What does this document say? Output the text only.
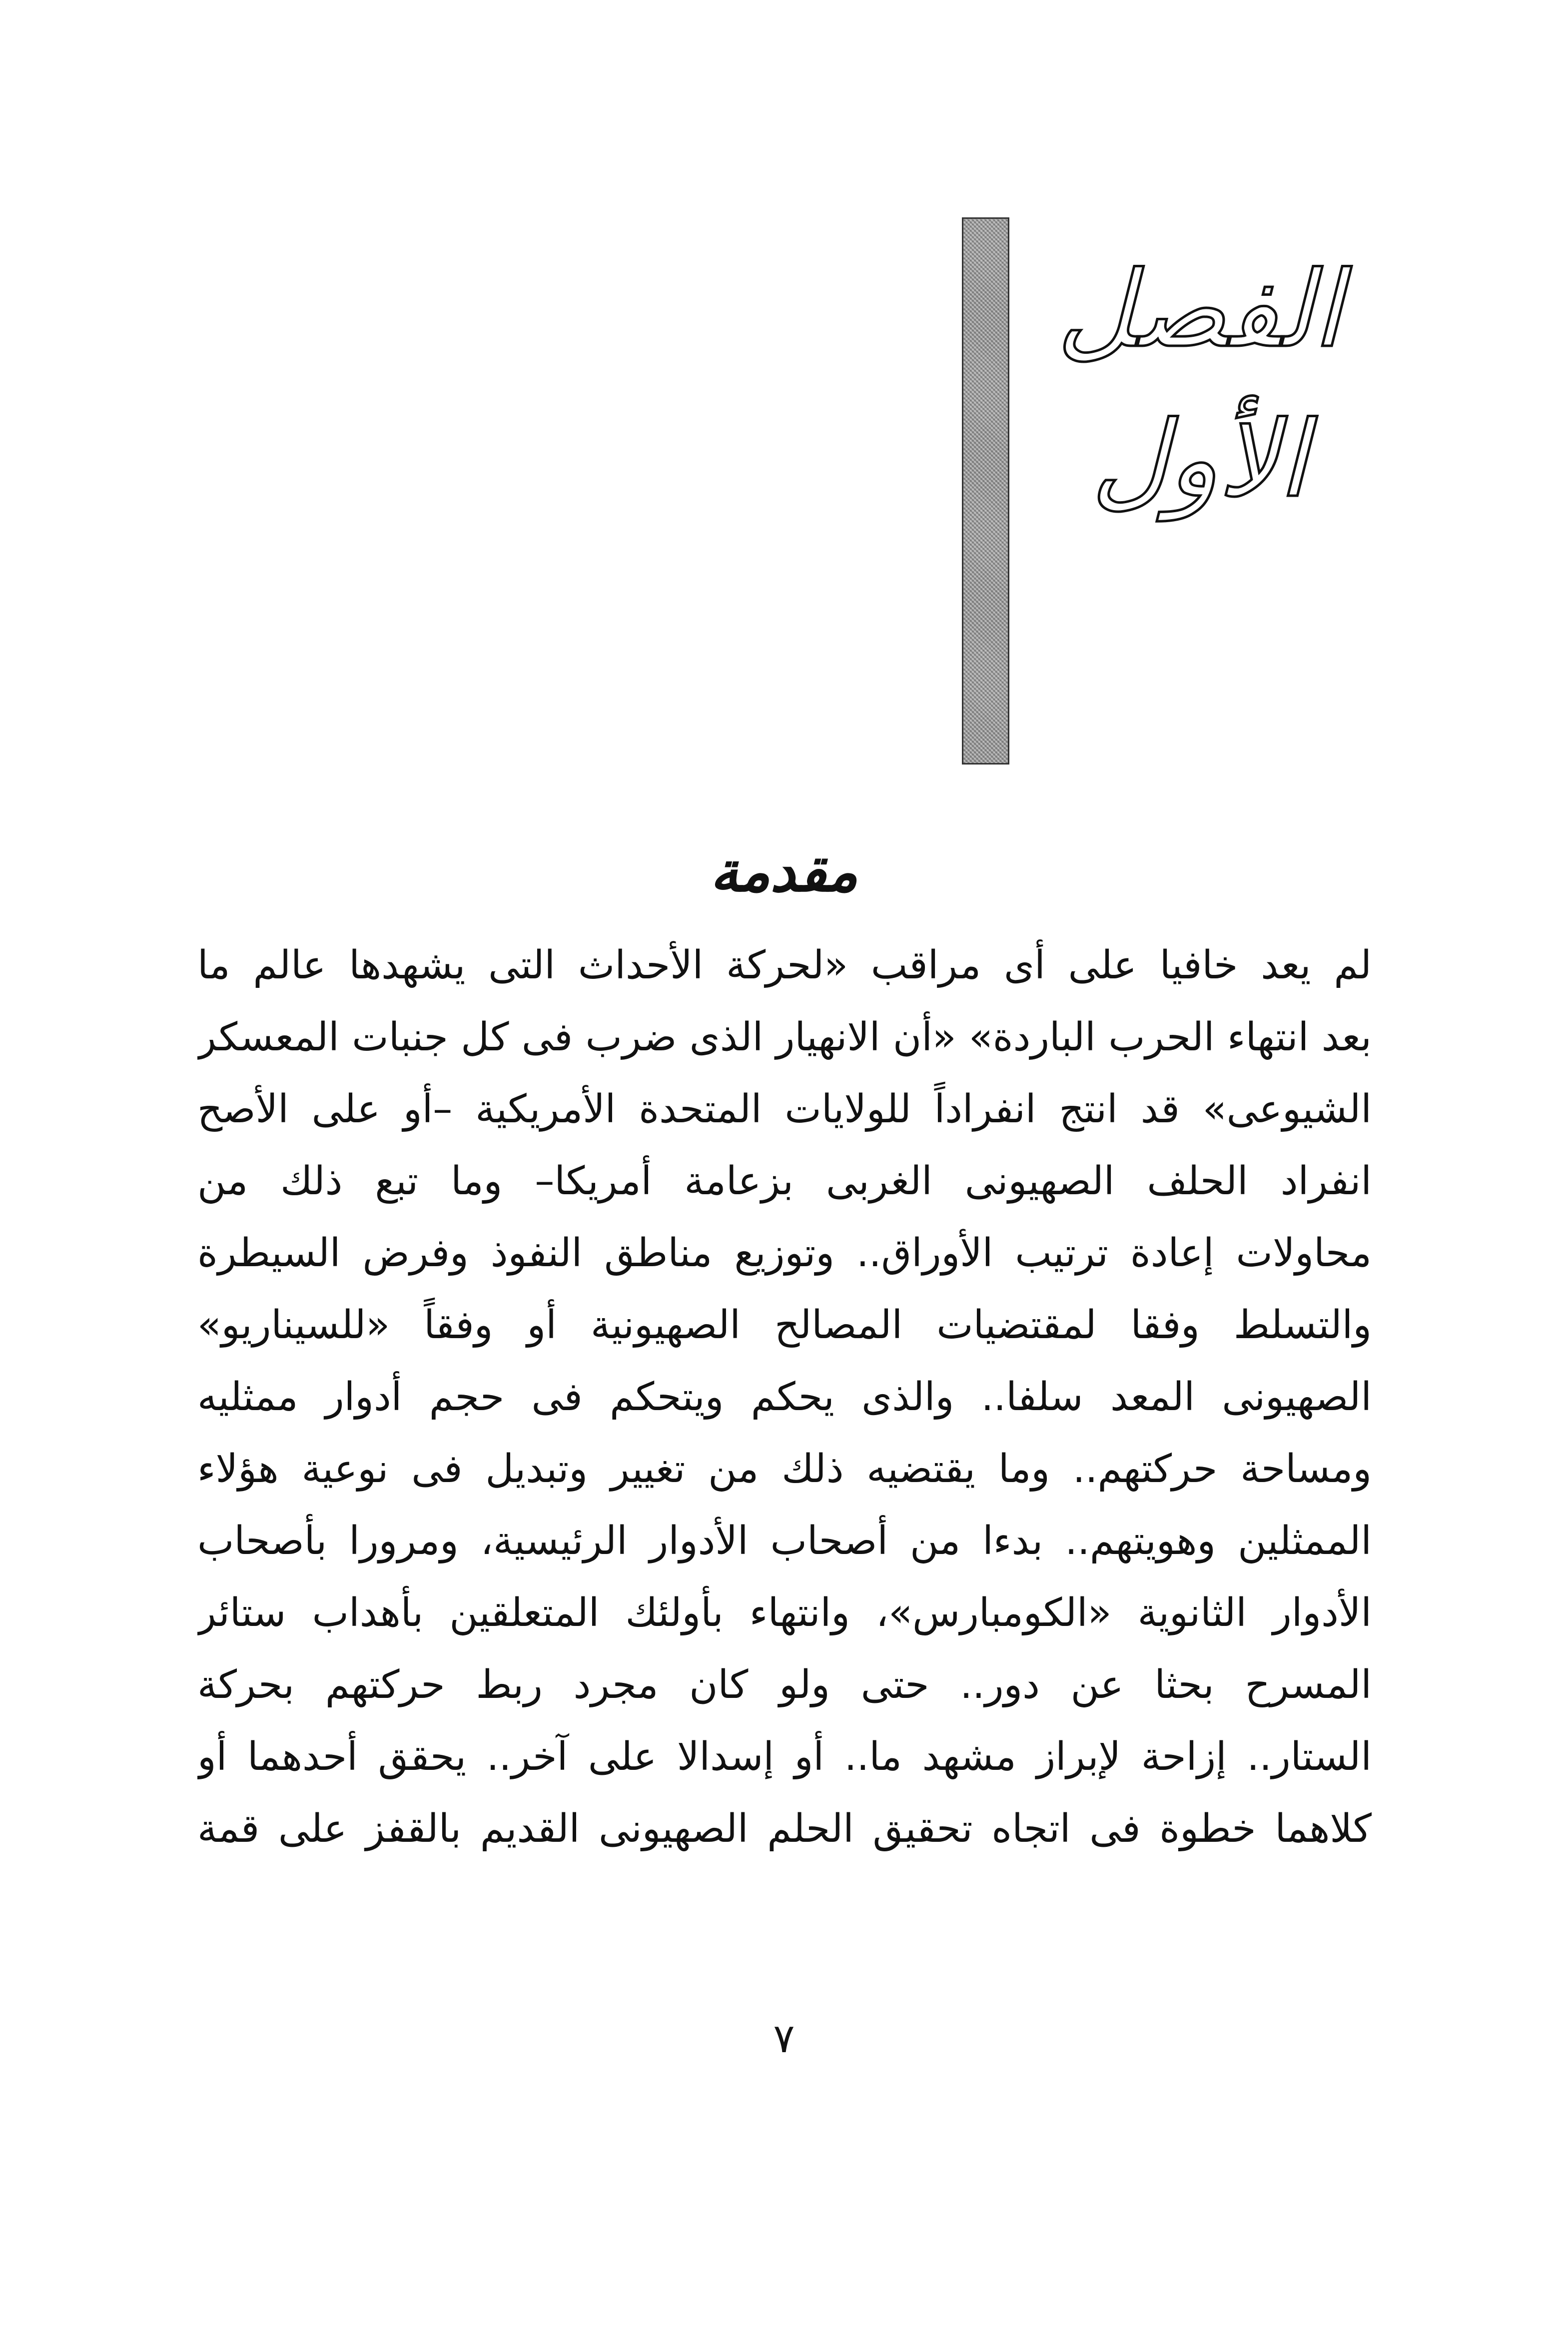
الفصل
الأول
مقدمة
لم يعد خافيا على أى مراقب «لحركة الأحداث التى يشهدها عالم ما
بعد انتهاء الحرب الباردة» «أن الانهيار الذى ضرب فى كل جنبات المعسكر
الشيوعى» قد انتج انفراداً للولايات المتحدة الأمريكية –أو على الأصح
انفراد الحلف الصهيونى الغربى بزعامة أمريكا– وما تبع ذلك من
محاولات إعادة ترتيب الأوراق.. وتوزيع مناطق النفوذ وفرض السيطرة
والتسلط وفقا لمقتضيات المصالح الصهيونية أو وفقاً «للسيناريو»
الصهيونى المعد سلفا.. والذى يحكم ويتحكم فى حجم أدوار ممثليه
ومساحة حركتهم.. وما يقتضيه ذلك من تغيير وتبديل فى نوعية هؤلاء
الممثلين وهويتهم.. بدءا من أصحاب الأدوار الرئيسية، ومرورا بأصحاب
الأدوار الثانوية «الكومبارس»، وانتهاء بأولئك المتعلقين بأهداب ستائر
المسرح بحثا عن دور.. حتى ولو كان مجرد ربط حركتهم بحركة
الستار.. إزاحة لإبراز مشهد ما.. أو إسدالا على آخر.. يحقق أحدهما أو
كلاهما خطوة فى اتجاه تحقيق الحلم الصهيونى القديم بالقفز على قمة
٧
